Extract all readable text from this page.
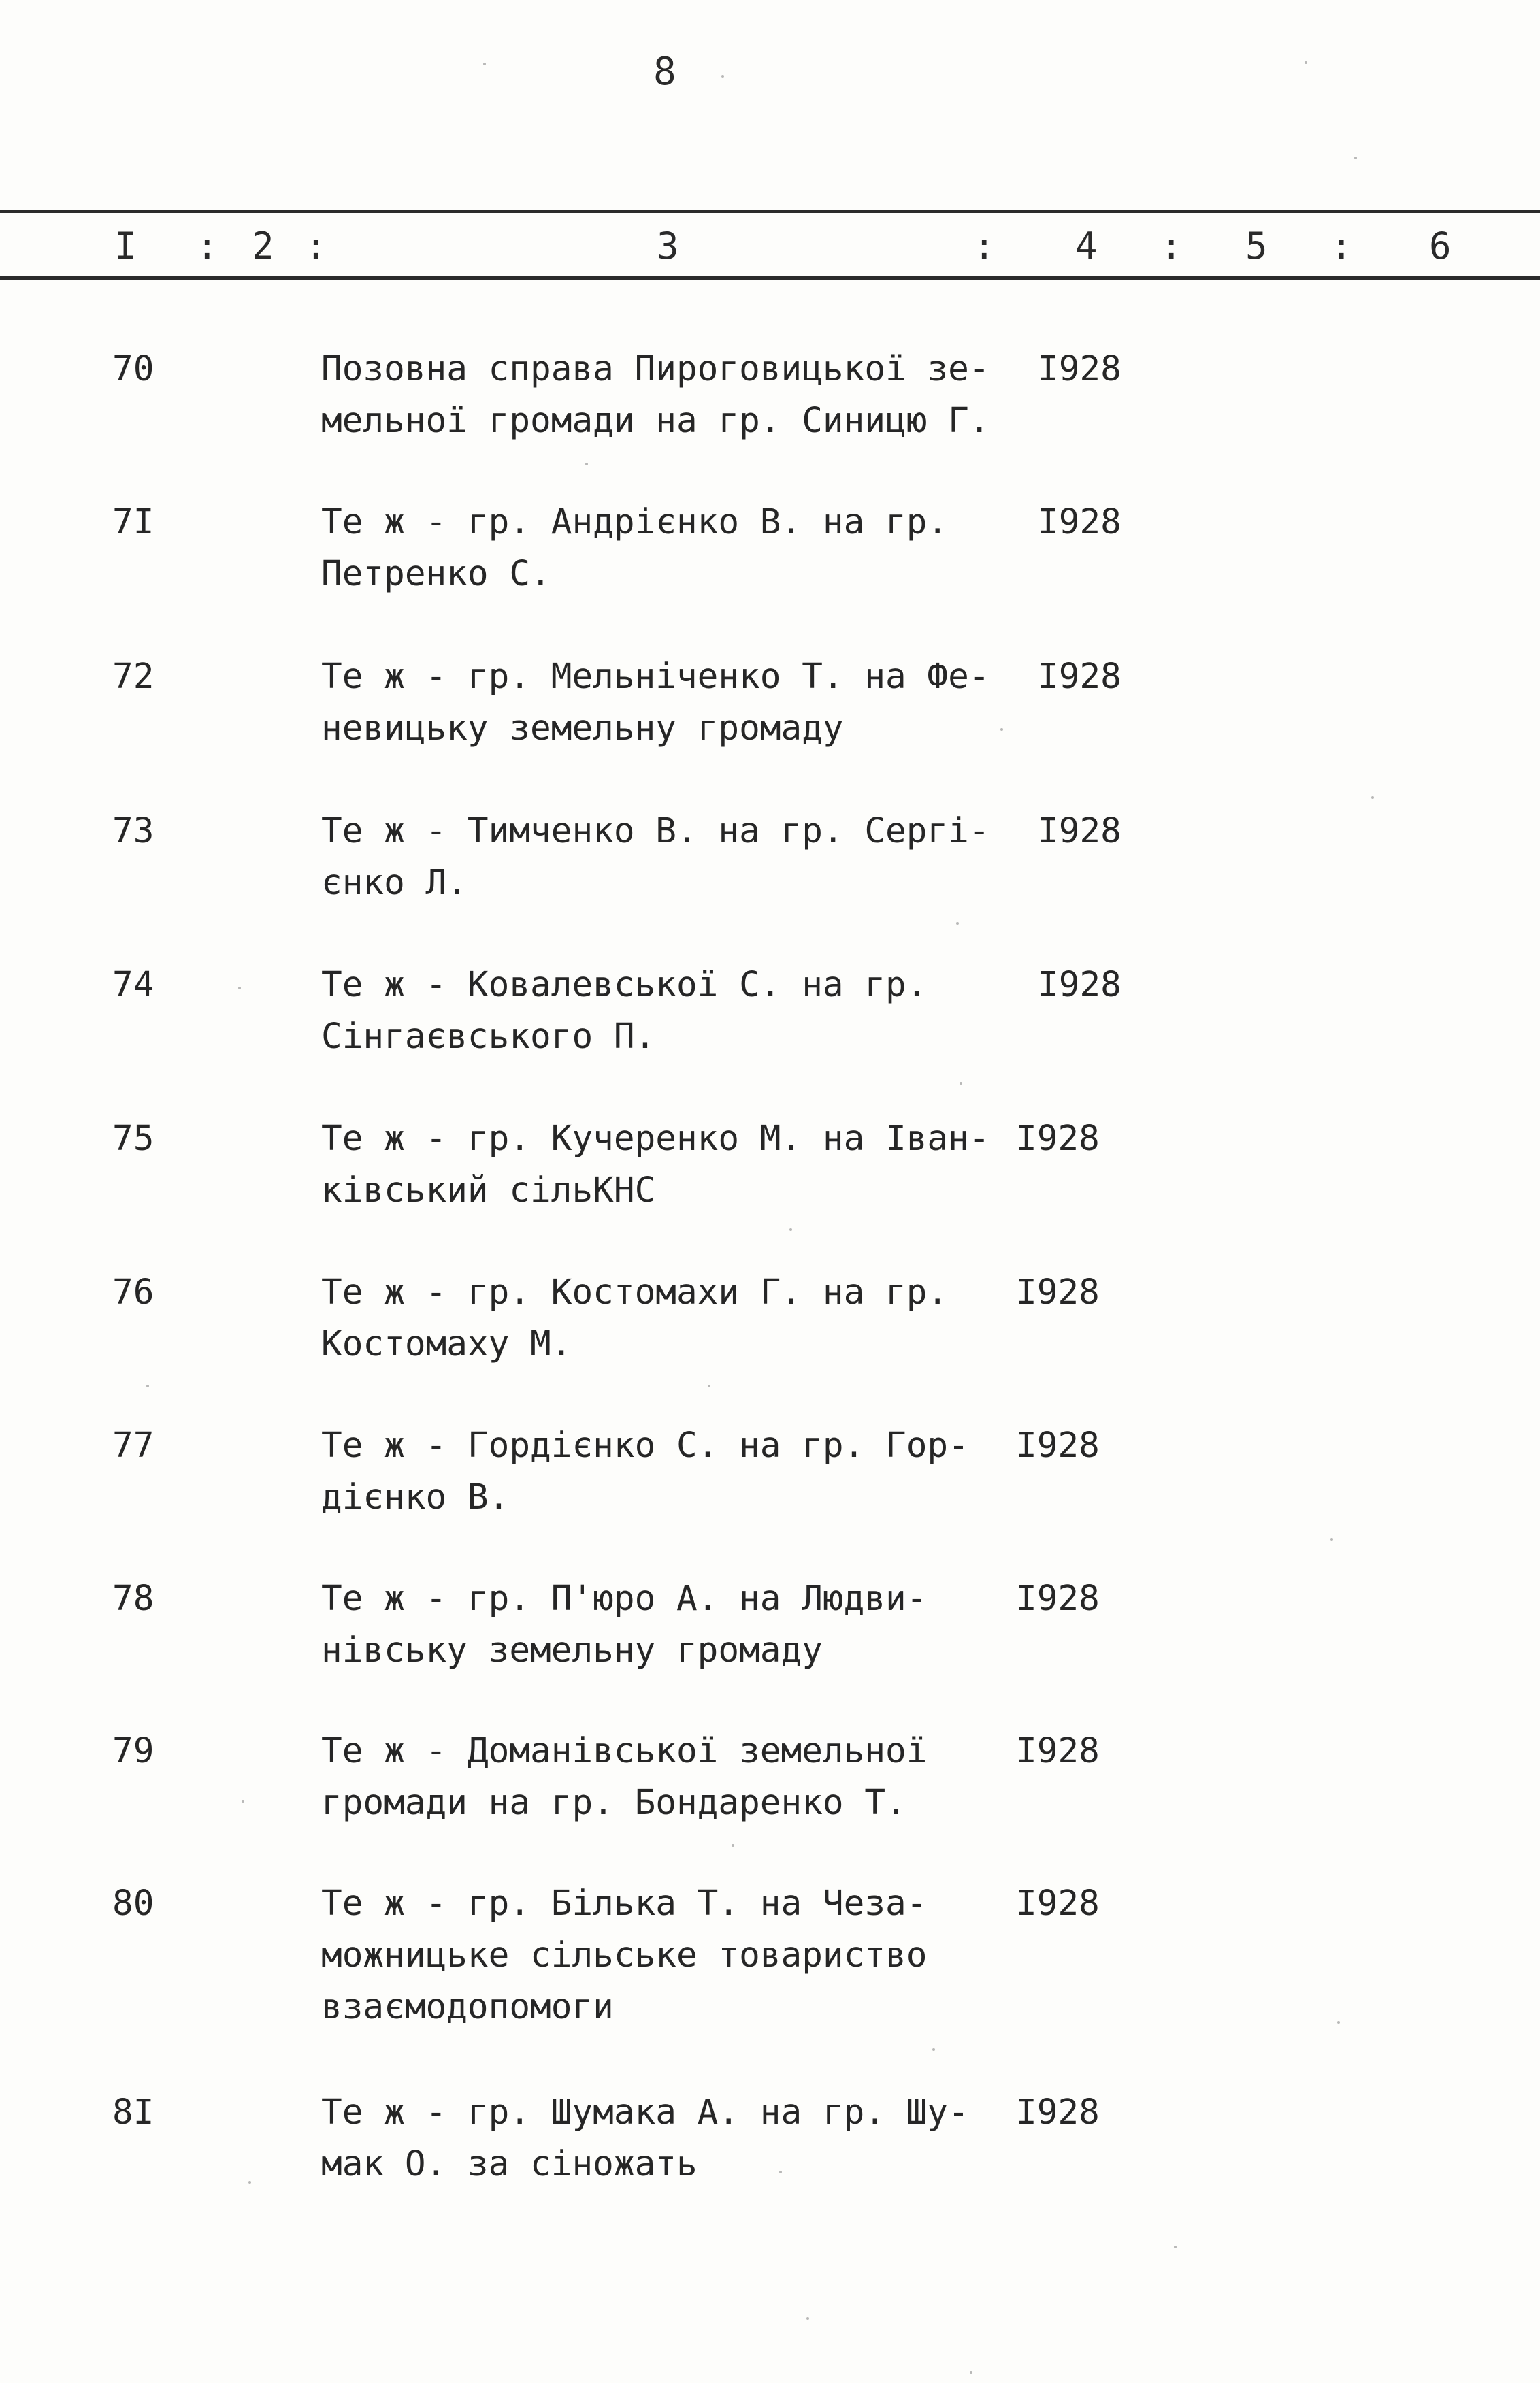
8
I : 2 :	3	: 4 : 5 : 6
70	Позовна справа Пироговицької зе-
мельної громади на гр. Синицю Г.
I928
7I	Те ж - гр. Андрієнко В. на гр.
Петренко С.
I928
72	Те ж - гр. Мельніченко Т. на Фе-
невицьку земельну громаду
I928
73	Те ж - Тимченко В. на гр. Сергі-
єнко Л.
I928
74	Те ж - Ковалевської С. на гр.
Сінгаєвського П.
I928
75	Те ж - гр. Кучеренко М. на Іван-
ківський сільКНС
I928
76	Те ж - гр. Костомахи Г. на гр.
Костомаху М.
I928
77	Те ж - Гордієнко С. на гр. Гор-
дієнко В.
I928
78	Те ж - гр. П'юро А. на Людви-
нівську земельну громаду
I928
79	Те ж - Доманівської земельної
громади на гр. Бондаренко Т.
I928
80	Те ж - гр. Білька Т. на Чеза-
можницьке сільське товариство
взаємодопомоги
I928
8I	Те ж - гр. Шумака А. на гр. Шу-
мак О. за сіножать
I928
